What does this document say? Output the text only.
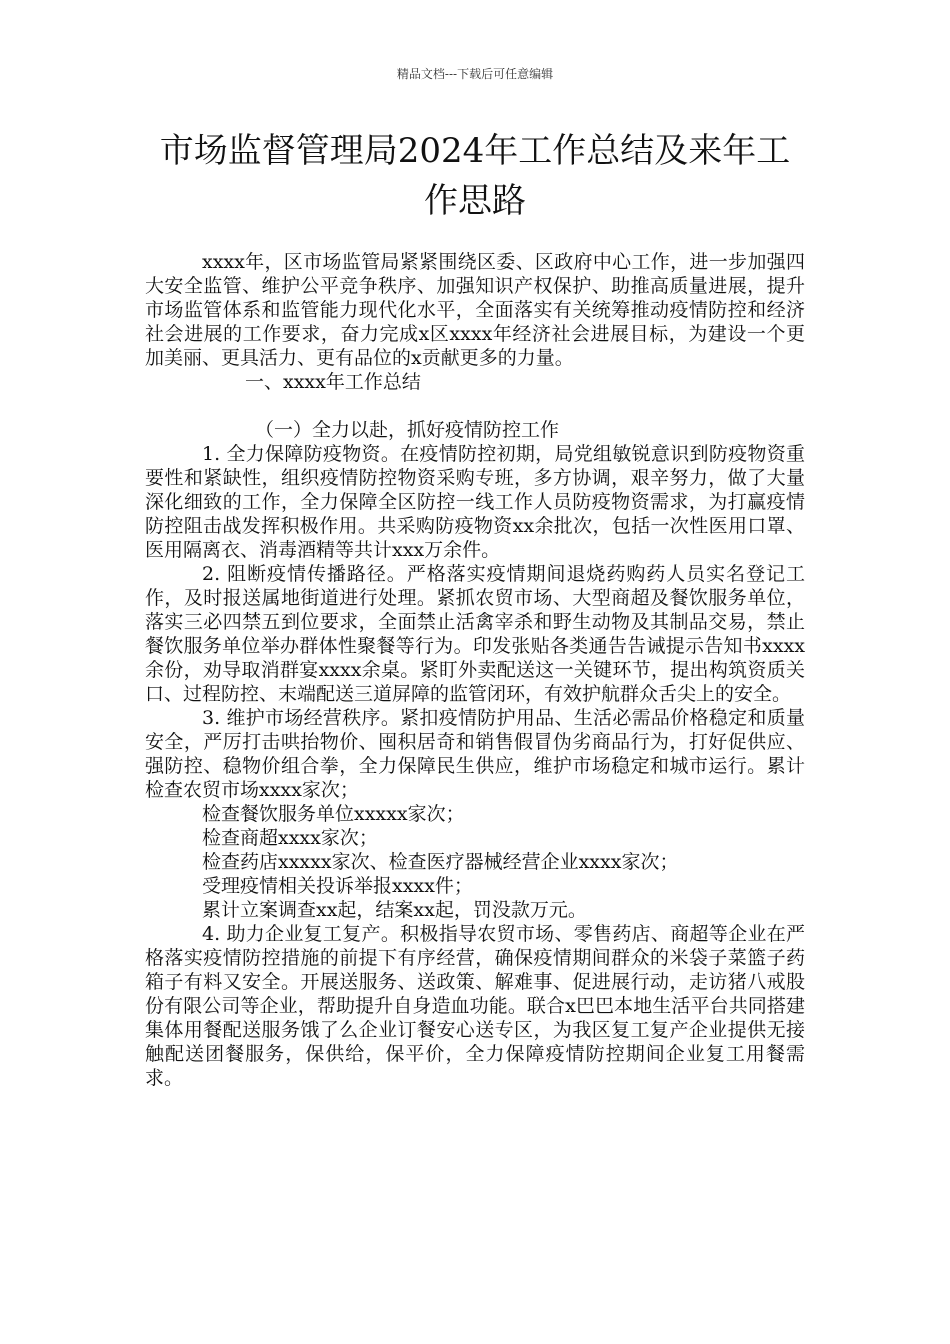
精品文档---下载后可任意编辑
市场监督管理局2024年工作总结及来年工
作思路

xxxx年，区市场监管局紧紧围绕区委、区政府中心工作，进一步加强四大安全监管、维护公平竞争秩序、加强知识产权保护、助推高质量进展，提升市场监管体系和监管能力现代化水平，全面落实有关统筹推动疫情防控和经济社会进展的工作要求，奋力完成x区xxxx年经济社会进展目标，为建设一个更加美丽、更具活力、更有品位的x贡献更多的力量。

一、xxxx年工作总结

（一）全力以赴，抓好疫情防控工作

1. 全力保障防疫物资。在疫情防控初期，局党组敏锐意识到防疫物资重要性和紧缺性，组织疫情防控物资采购专班，多方协调，艰辛努力，做了大量深化细致的工作，全力保障全区防控一线工作人员防疫物资需求，为打赢疫情防控阻击战发挥积极作用。共采购防疫物资xx余批次，包括一次性医用口罩、医用隔离衣、消毒酒精等共计xxx万余件。

2. 阻断疫情传播路径。严格落实疫情期间退烧药购药人员实名登记工作，及时报送属地街道进行处理。紧抓农贸市场、大型商超及餐饮服务单位，落实三必四禁五到位要求，全面禁止活禽宰杀和野生动物及其制品交易，禁止餐饮服务单位举办群体性聚餐等行为。印发张贴各类通告告诫提示告知书xxxx余份，劝导取消群宴xxxx余桌。紧盯外卖配送这一关键环节，提出构筑资质关口、过程防控、末端配送三道屏障的监管闭环，有效护航群众舌尖上的安全。

3. 维护市场经营秩序。紧扣疫情防护用品、生活必需品价格稳定和质量安全，严厉打击哄抬物价、囤积居奇和销售假冒伪劣商品行为，打好促供应、强防控、稳物价组合拳，全力保障民生供应，维护市场稳定和城市运行。累计检查农贸市场xxxx家次；

检查餐饮服务单位xxxxx家次；

检查商超xxxx家次；

检查药店xxxxx家次、检查医疗器械经营企业xxxx家次；

受理疫情相关投诉举报xxxx件；

累计立案调查xx起，结案xx起，罚没款万元。

4. 助力企业复工复产。积极指导农贸市场、零售药店、商超等企业在严格落实疫情防控措施的前提下有序经营，确保疫情期间群众的米袋子菜篮子药箱子有料又安全。开展送服务、送政策、解难事、促进展行动，走访猪八戒股份有限公司等企业，帮助提升自身造血功能。联合x巴巴本地生活平台共同搭建集体用餐配送服务饿了么企业订餐安心送专区，为我区复工复产企业提供无接触配送团餐服务，保供给，保平价，全力保障疫情防控期间企业复工用餐需求。
